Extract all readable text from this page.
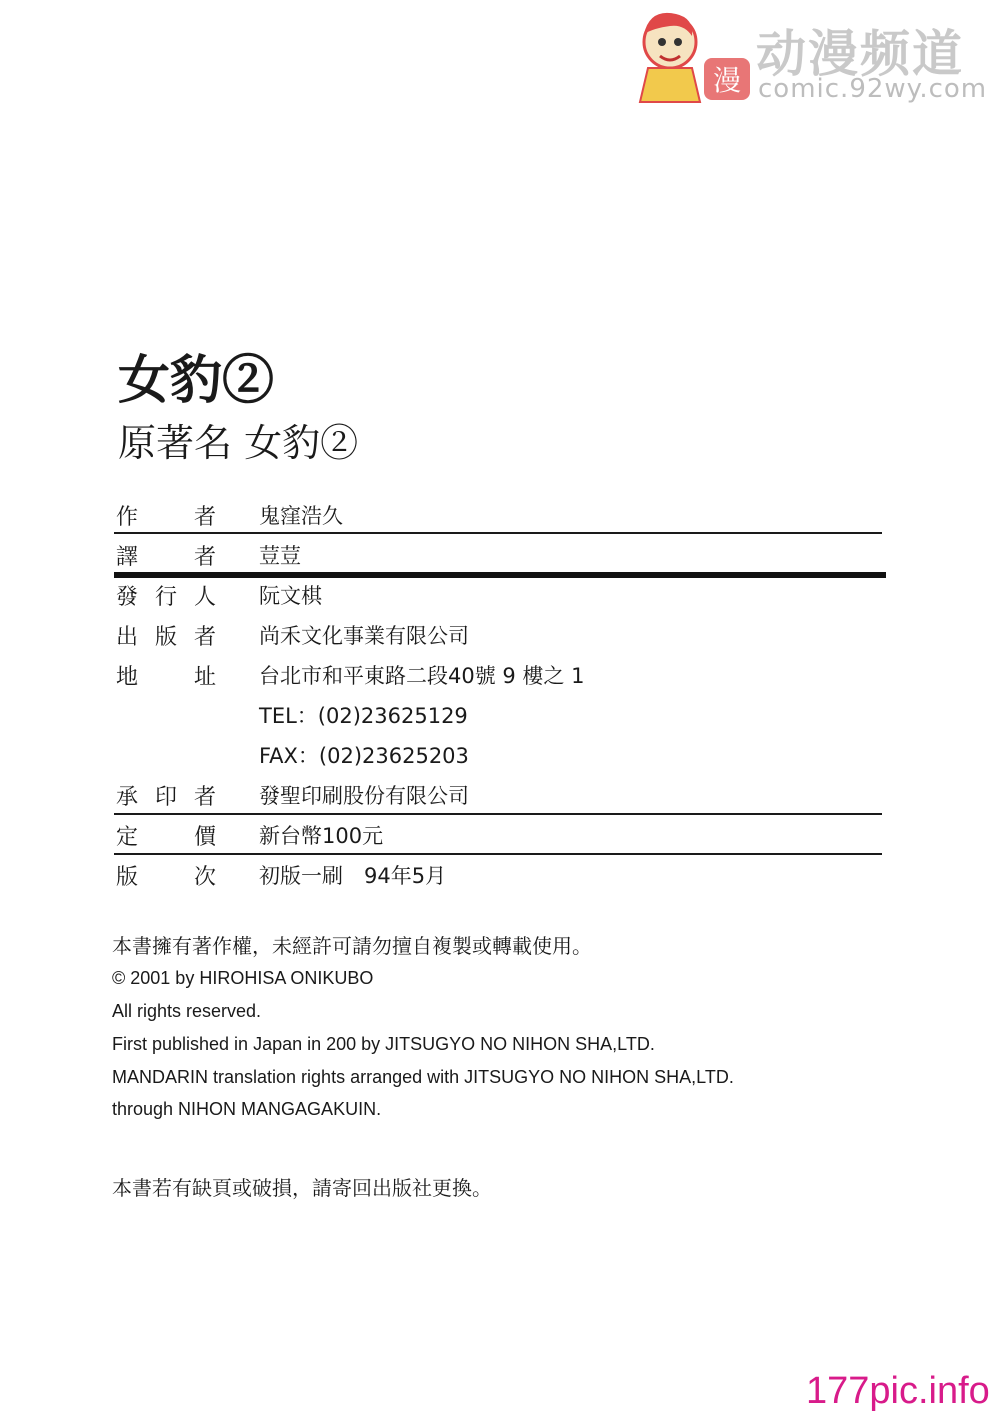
漫 动漫频道
comic.92wy.com
女豹②
原著名 女豹②
作	者 鬼窪浩久
譯	者 荳荳
發 行 人 阮文棋
出 版 者 尚禾文化事業有限公司
地	址 台北市和平東路二段40號 9 樓之 1
TEL：(02)23625129
FAX：(02)23625203
承 印 者 發聖印刷股份有限公司
定	價 新台幣100元
版	次 初版一刷　94年5月
本書擁有著作權，未經許可請勿擅自複製或轉載使用。
© 2001 by HIROHISA ONIKUBO
All rights reserved.
First published in Japan in 200 by JITSUGYO NO NIHON SHA,LTD.
MANDARIN translation rights arranged with JITSUGYO NO NIHON SHA,LTD.
through NIHON MANGAGAKUIN.
本書若有缺頁或破損，請寄回出版社更換。
177pic.info
